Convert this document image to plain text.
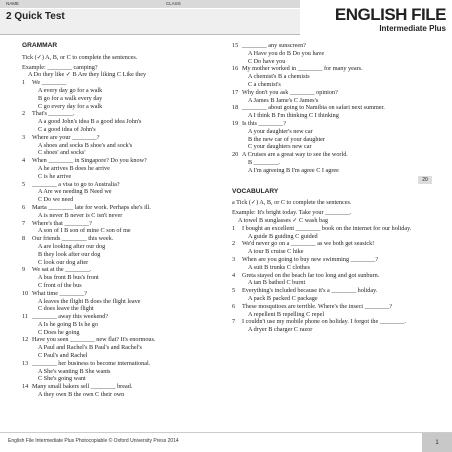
NAME	CLASS
2 Quick Test	ENGLISH FILE
Intermediate Plus
GRAMMAR
Tick (✓) A, B, or C to complete the sentences.
Example: ________ camping?
A Do they like ✓ B Are they liking C Like they
1 We ________
A every day go for a walk
B go for a walk every day
C go every day for a walk
2 That's ________.
A a good John's idea B a good idea John's
C a good idea of John's
3 Where are your ________?
A shoes and socks B shoe's and sock's
C shoes' and socks'
4 When ________ in Singapore? Do you know?
A he arrives B does he arrive
C is he arrive
5 ________ a visa to go to Australia?
A Are we needing B Need we
C Do we need
6 Marta ________ late for work. Perhaps she's ill.
A is never B never is C isn't never
7 Where's that ________?
A son of I B son of mine C son of me
8 Our friends ________ this week.
A are looking after our dog
B they look after our dog
C look our dog after
9 We sat at the ________.
A bus front B bus's front
C front of the bus
10 What time ________?
A leaves the flight B does the flight leave
C does leave the flight
11 ________ away this weekend?
A Is he going B Is he go
C Does he going
12 Have you seen ________ new flat? It's enormous.
A Paul and Rachel's B Paul's and Rachel's
C Paul's and Rachel
13 ________ her business to become international.
A She's wanting B She wants
C She's going want
14 Many small bakers sell ________ bread.
A they own B the own C their own
15 ________ any sunscreen?
A Have you do B Do you have
C Do have you
16 My mother worked in ________ for many years.
A chemist's B a chemists
C a chemist's
17 Why don't you ask ________ opinion?
A James B Jame's C James's
18 ________ about going to Namibia on safari next summer.
A I think B I'm thinking C I thinking
19 Is this ________?
A your daughter's new car
B the new car of your daughter
C your daughters new car
20 A Cruises are a great way to see the world.
B ________.
A I'm agreeing B I'm agree C I agree
20
VOCABULARY
a Tick (✓) A, B, or C to complete the sentences.
Example: It's bright today. Take your ________.
A towel B sunglasses ✓ C wash bag
1 I bought an excellent ________ book on the internet for our holiday.
A guide B guiding C guided
2 We'd never go on a ________ as we both get seasick!
A tour B cruise C hike
3 When are you going to buy new swimming ________?
A suit B trunks C clothes
4 Greta stayed on the beach far too long and got sunburn.
A tan B bathed C burnt
5 Everything's included because it's a ________ holiday.
A pack B packed C package
6 These mosquitoes are terrible. Where's the insect ________?
A repellent B repelling C repel
7 I couldn't use my mobile phone on holiday. I forgot the ________.
A dryer B charger C razor
English File Intermediate Plus Photocopiable © Oxford University Press 2014	1
